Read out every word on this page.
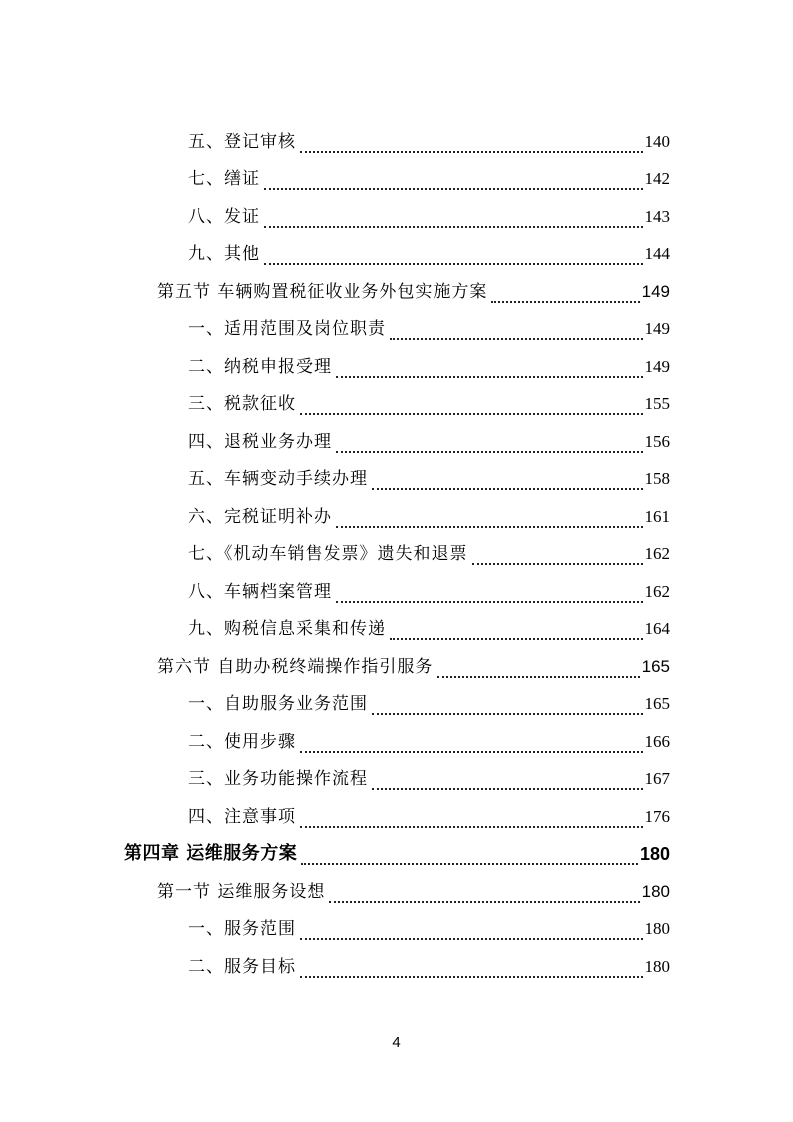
五、登记审核	140
七、缮证	142
八、发证	143
九、其他	144
第五节 车辆购置税征收业务外包实施方案	149
一、适用范围及岗位职责	149
二、纳税申报受理	149
三、税款征收	155
四、退税业务办理	156
五、车辆变动手续办理	158
六、完税证明补办	161
七、《机动车销售发票》遗失和退票	162
八、车辆档案管理	162
九、购税信息采集和传递	164
第六节 自助办税终端操作指引服务	165
一、自助服务业务范围	165
二、使用步骤	166
三、业务功能操作流程	167
四、注意事项	176
第四章 运维服务方案	180
第一节 运维服务设想	180
一、服务范围	180
二、服务目标	180
4
